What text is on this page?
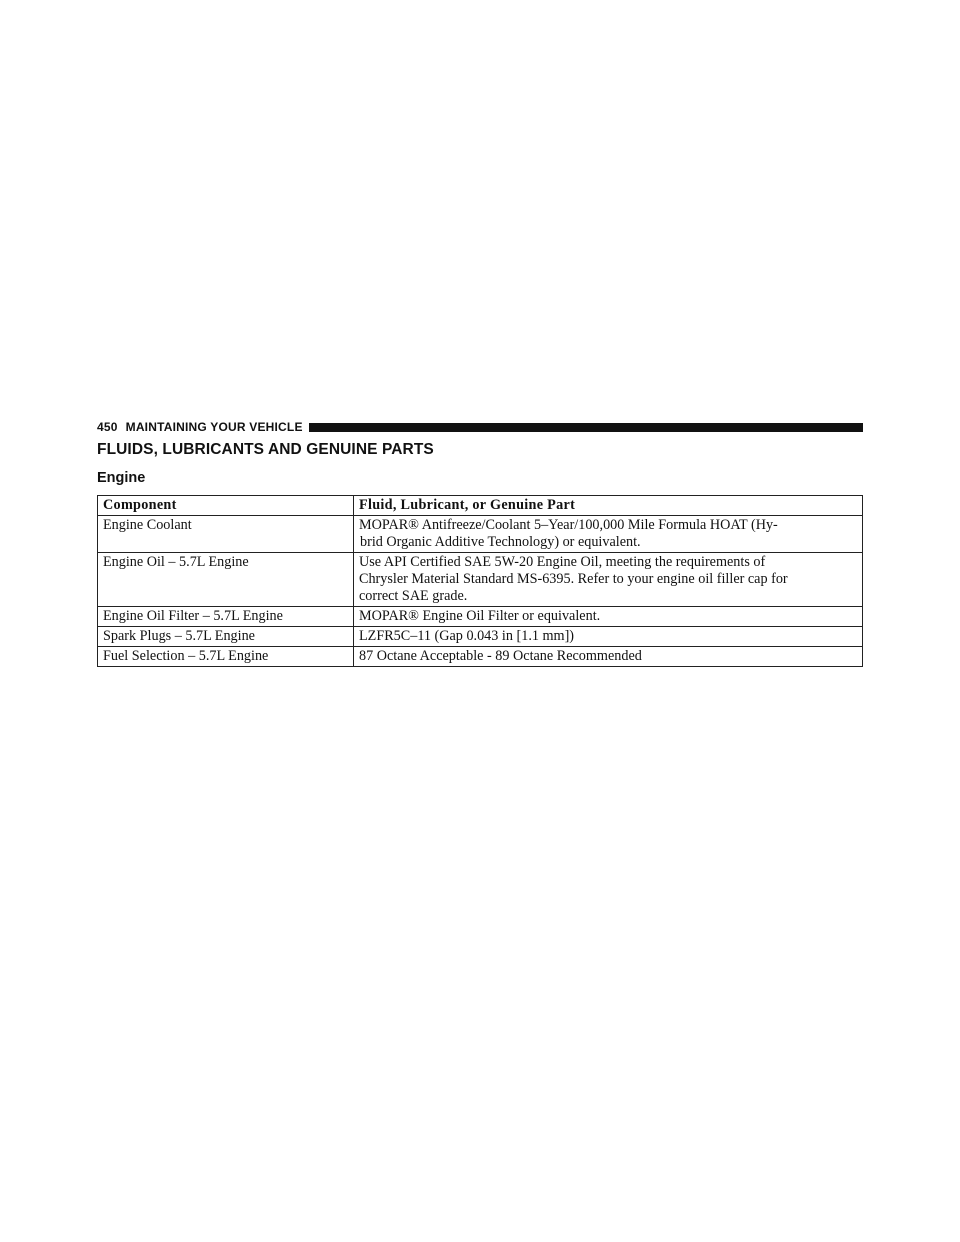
450 MAINTAINING YOUR VEHICLE
FLUIDS, LUBRICANTS AND GENUINE PARTS
Engine
Component	Fluid, Lubricant, or Genuine Part
Engine Coolant	MOPAR® Antifreeze/Coolant 5–Year/100,000 Mile Formula HOAT (Hy-
brid Organic Additive Technology) or equivalent.

Engine Oil – 5.7L Engine	Use API Certified SAE 5W-20 Engine Oil, meeting the requirements of
Chrysler Material Standard MS-6395. Refer to your engine oil filler cap for
correct SAE grade.

Engine Oil Filter – 5.7L Engine	MOPAR® Engine Oil Filter or equivalent.

Spark Plugs – 5.7L Engine	LZFR5C–11 (Gap 0.043 in [1.1 mm])

Fuel Selection – 5.7L Engine	87 Octane Acceptable - 89 Octane Recommended
